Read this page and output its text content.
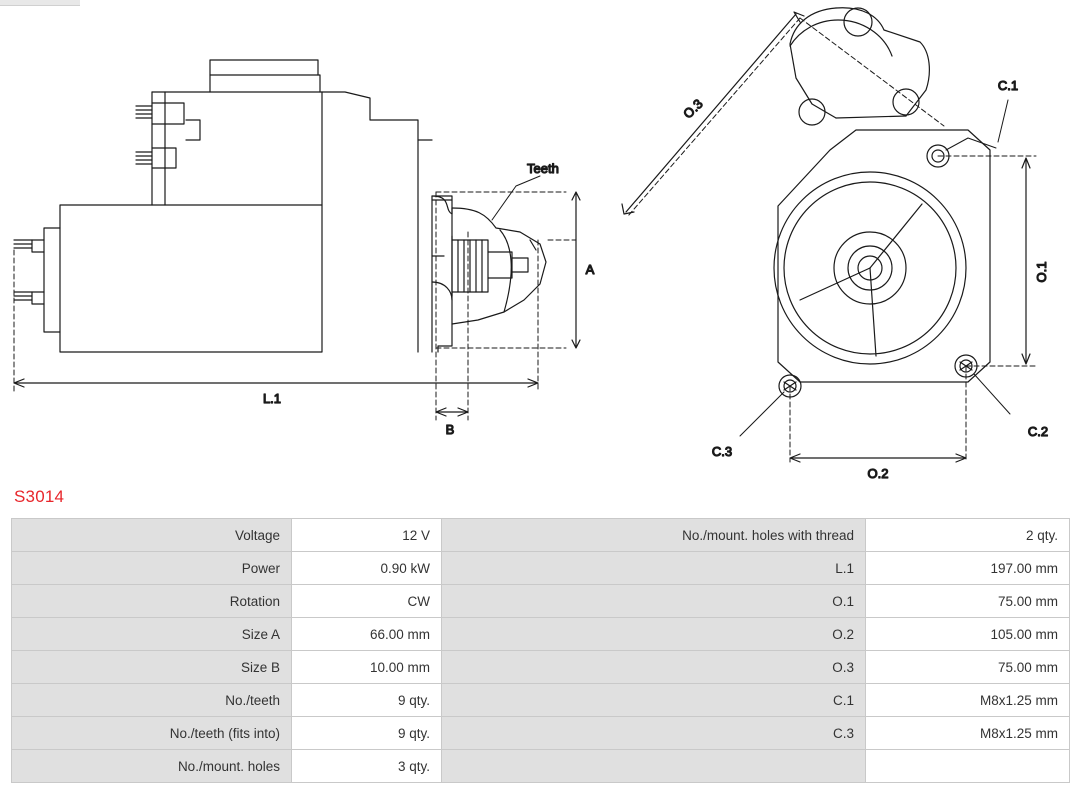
Teeth
A
L.1
B
O.1
O.2
O.3
C.1
C.2
C.3
S3014
Voltage	12 V	No./mount. holes with thread	2 qty.
Power	0.90 kW	L.1	197.00 mm
Rotation	CW	O.1	75.00 mm
Size A	66.00 mm	O.2	105.00 mm
Size B	10.00 mm	O.3	75.00 mm
No./teeth	9 qty.	C.1	M8x1.25 mm
No./teeth (fits into)	9 qty.	C.3	M8x1.25 mm
No./mount. holes	3 qty.		
